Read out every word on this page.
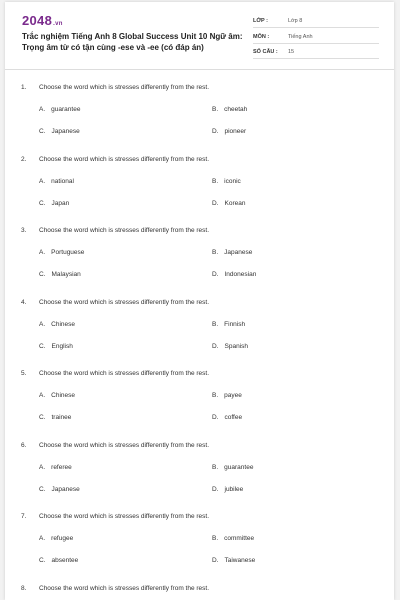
2048.vn
Trắc nghiệm Tiếng Anh 8 Global Success Unit 10 Ngữ âm: Trọng âm từ có tận cùng -ese và -ee (có đáp án)
LỚP :	Lớp 8
MÔN :	Tiếng Anh
SỐ CÂU : 15
1. Choose the word which is stresses differently from the rest.
A. guarantee	B. cheetah
C. Japanese	D. pioneer
2. Choose the word which is stresses differently from the rest.
A. national	B. iconic
C. Japan	D. Korean
3. Choose the word which is stresses differently from the rest.
A. Portuguese	B. Japanese
C. Malaysian	D. Indonesian
4. Choose the word which is stresses differently from the rest.
A. Chinese	B. Finnish
C. English	D. Spanish
5. Choose the word which is stresses differently from the rest.
A. Chinese	B. payee
C. trainee	D. coffee
6. Choose the word which is stresses differently from the rest.
A. referee	B. guarantee
C. Japanese	D. jubilee
7. Choose the word which is stresses differently from the rest.
A. refugee	B. committee
C. absentee	D. Taiwanese
8. Choose the word which is stresses differently from the rest.
